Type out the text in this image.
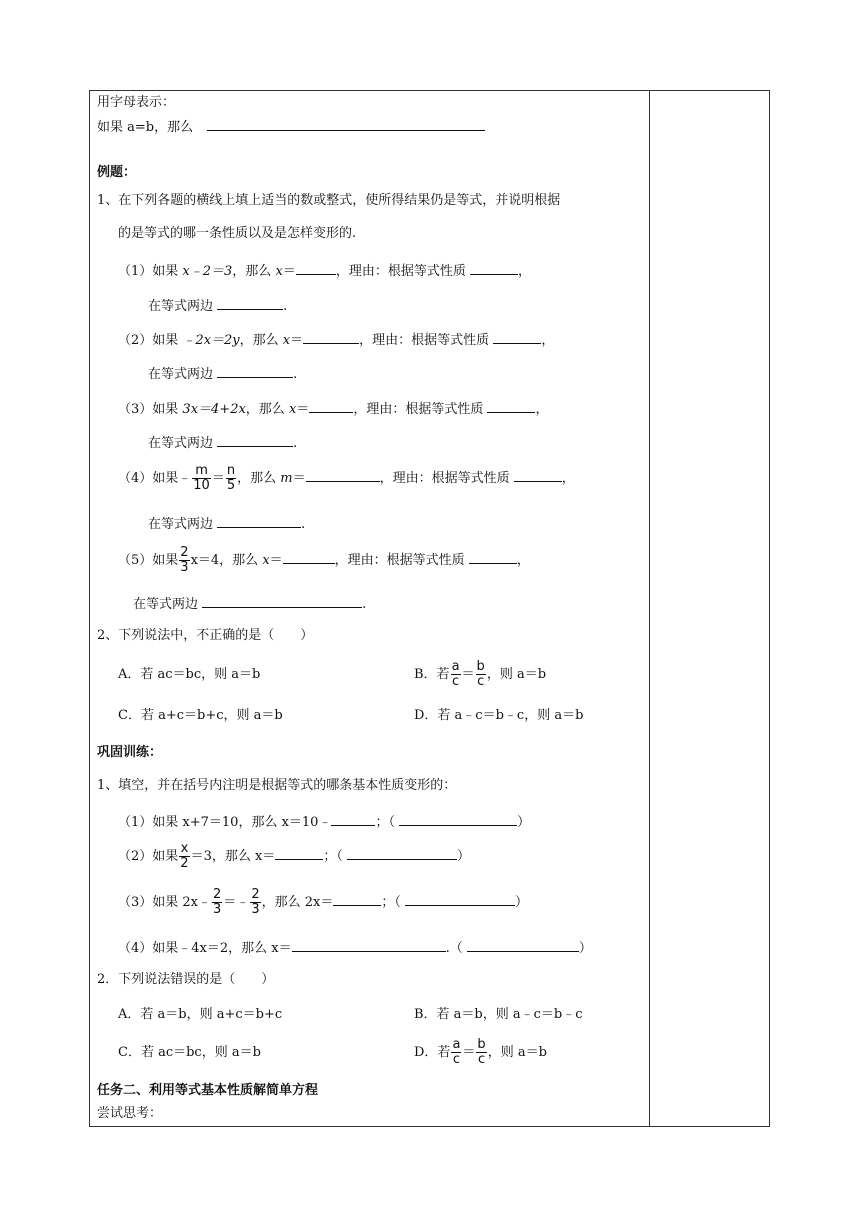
用字母表示：
如果 a=b，那么
例题：
1、在下列各题的横线上填上适当的数或整式，使所得结果仍是等式，并说明根据
的是等式的哪一条性质以及是怎样变形的.
（1）如果 x﹣2＝3，那么 x＝	，理由：根据等式性质	，
在等式两边	.
（2）如果 ﹣2x＝2y，那么 x＝	，理由：根据等式性质	，
在等式两边	.
（3）如果 3x＝4+2x，那么 x＝	，理由：根据等式性质	，
在等式两边	.
（4）如果﹣ $\frac{m}{10} = \frac{n}{5}$ ，那么 m＝	，理由：根据等式性质	，
在等式两边	.
（5）如果 $\frac{2}{3} x=4$，那么 x＝	，理由：根据等式性质	，
在等式两边	.
2、下列说法中，不正确的是（　　）
A．若 ac＝bc，则 a＝b	B．若 $\frac{a}{c} = \frac{b}{c}$ ，则 a＝b
C．若 a+c＝b+c，则 a＝b	D．若 a﹣c＝b﹣c，则 a＝b
巩固训练：
1、填空，并在括号内注明是根据等式的哪条基本性质变形的：
（1）如果 x+7＝10，那么 x＝10﹣	；（	）
（2）如果 $\frac{x}{2} =3$，那么 x＝	；（	）
（3）如果 2x﹣ $\frac{2}{3}$ ＝﹣ $\frac{2}{3}$ ，那么 2x＝	；（	）
（4）如果﹣4x＝2，那么 x＝	.（	）
2．下列说法错误的是（　　）
A．若 a＝b，则 a+c＝b+c	B．若 a＝b，则 a﹣c＝b﹣c
C．若 ac＝bc，则 a＝b	D．若 $\frac{a}{c} = \frac{b}{c}$ ，则 a＝b
任务二、利用等式基本性质解简单方程
尝试思考：
